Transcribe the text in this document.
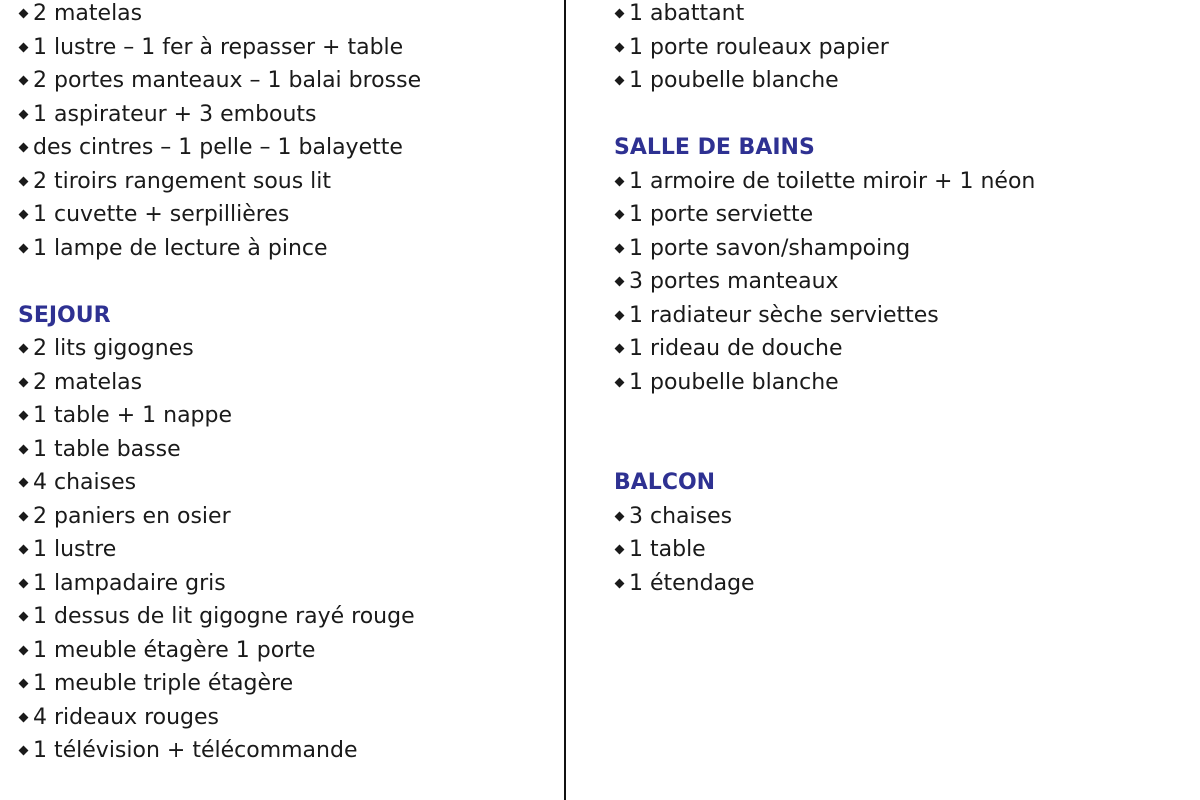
2 matelas
1 lustre – 1 fer à repasser + table
2 portes manteaux – 1 balai brosse
1 aspirateur + 3 embouts
des cintres – 1 pelle – 1 balayette
2 tiroirs rangement sous lit
1 cuvette + serpillières
1 lampe de lecture à pince
SEJOUR
2 lits gigognes
2 matelas
1 table + 1 nappe
1 table basse
4 chaises
2 paniers en osier
1 lustre
1 lampadaire gris
1 dessus de lit gigogne rayé rouge
1 meuble étagère 1 porte
1 meuble triple étagère
4 rideaux rouges
1 télévision + télécommande
1 abattant
1 porte rouleaux papier
1 poubelle blanche
SALLE DE BAINS
1 armoire de toilette miroir + 1 néon
1 porte serviette
1 porte savon/shampoing
3 portes manteaux
1 radiateur sèche serviettes
1 rideau de douche
1 poubelle blanche
BALCON
3 chaises
1 table
1 étendage
